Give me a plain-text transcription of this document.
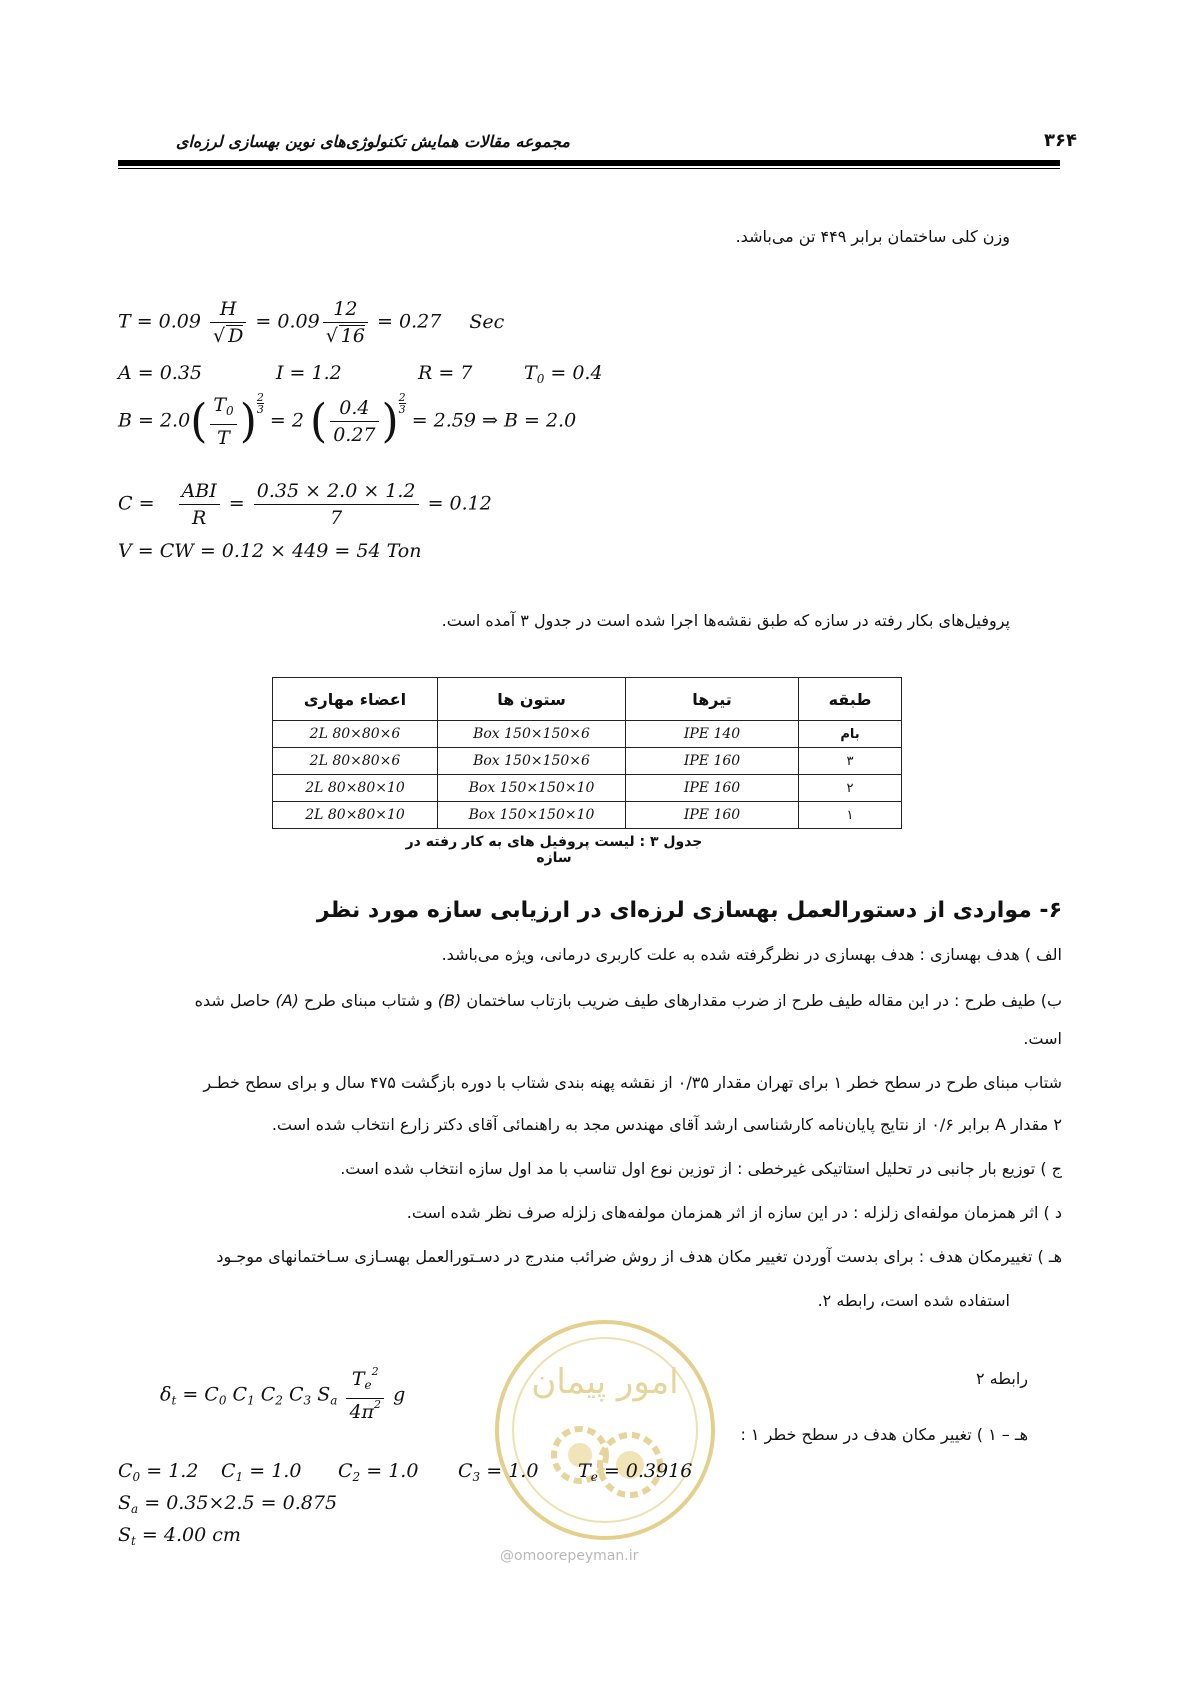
مجموعه مقالات همایش تکنولوژی‌های نوین بهسازی لرزه‌ای	۳۶۴
وزن کلی ساختمان برابر ۴۴۹ تن می‌باشد.
$T = 0.09 \frac{H}{√ D} = 0.09 \frac{12}{√ 16} = 0.27$ Sec
A = 0.35	I = 1.2	R = 7	$T_0 = 0.4$
$B = 2.0( \frac{T_0}{T}$ ) $\frac{2}{3} = 2$ ( $\frac{0.4}{0.27}$ ) $\frac{2}{3} = 2.59$ ⇒ B = 2.0
$C = \frac{\text{ABI}}{R} = \frac{0.35 \times 2.0 \times 1.2}{7} = 0.12$
V = CW = 0.12 × 449 = 54 Ton
پروفیل‌های بکار رفته در سازه که طبق نقشه‌ها اجرا شده است در جدول ۳ آمده است.
طبقه	تیرها	ستون ها	اعضاء مهاری
بام	IPE 140	Box 150×150×6	2L 80×80×6
۳	IPE 160	Box 150×150×6	2L 80×80×6
۲	IPE 160	Box 150×150×10	2L 80×80×10
۱	IPE 160	Box 150×150×10	2L 80×80×10
جدول ۳ : لیست پروفیل های به کار رفته در سازه
۶- مواردی از دستورالعمل بهسازی لرزه‌ای در ارزیابی سازه مورد نظر
الف ) هدف بهسازی : هدف بهسازی در نظرگرفته شده به علت کاربری درمانی، ویژه می‌باشد.
ب) طیف طرح : در این مقاله طیف طرح از ضرب مقدارهای طیف ضریب بازتاب ساختمان (B) و شتاب مبنای طرح (A) حاصل شده
است.
شتاب مبنای طرح در سطح خطر ۱ برای تهران مقدار ۰/۳۵ از نقشه پهنه بندی شتاب با دوره بازگشت ۴۷۵ سال و برای سطح خطـر
۲ مقدار A برابر ۰/۶ از نتایج پایان‌نامه کارشناسی ارشد آقای مهندس مجد به راهنمائی آقای دکتر زارع انتخاب شده است.
ج ) توزیع بار جانبی در تحلیل استاتیکی غیرخطی : از توزین نوع اول تناسب با مد اول سازه انتخاب شده است.
د ) اثر همزمان مولفه‌ای زلزله : در این سازه از اثر همزمان مولفه‌های زلزله صرف نظر شده است.
هـ ) تغییرمکان هدف : برای بدست آوردن تغییر مکان هدف از روش ضرائب مندرج در دسـتورالعمل بهسـازی سـاختمانهای موجـود
استفاده شده است، رابطه ۲.
رابطه ۲
هـ – ۱ ) تغییر مکان هدف در سطح خطر ۱ :
امور پیمان
@omoorepeyman.ir
$\delta_t = C_0$ $C_1$ $C_2$ $C_3$ $S_a \frac{T_e2}{4\pi 2}$ g
$C_0 = 1.2$ $C_1 = 1.0$ $C_2 = 1.0$ $C_3 = 1.0$ $T_e = 0.3916$
$S_a = 0.35\times 2.5 = 0.875$
$S_t = 4.00$ cm
